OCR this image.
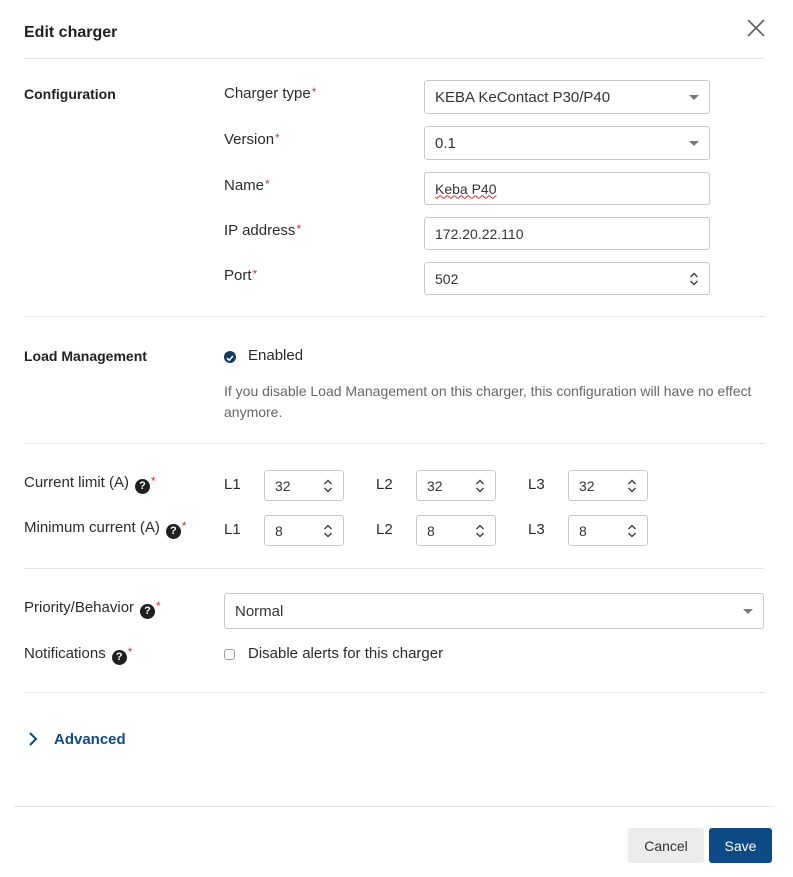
Edit charger
Configuration	Charger type*	KEBA KeContact P30/P40
Version*	0.1
Name*	Keba P40
IP address*	172.20.22.110
Port*	502
Load Management	Enabled
If you disable Load Management on this charger, this configuration will have no effect anymore.
Current limit (A) ? *	L1 32	L2 32	L3 32
Minimum current (A) ? * L1 8	L2 8	L3 8
Priority/Behavior ? *	Normal
Notifications ? *	Disable alerts for this charger
Advanced
Cancel	Save
